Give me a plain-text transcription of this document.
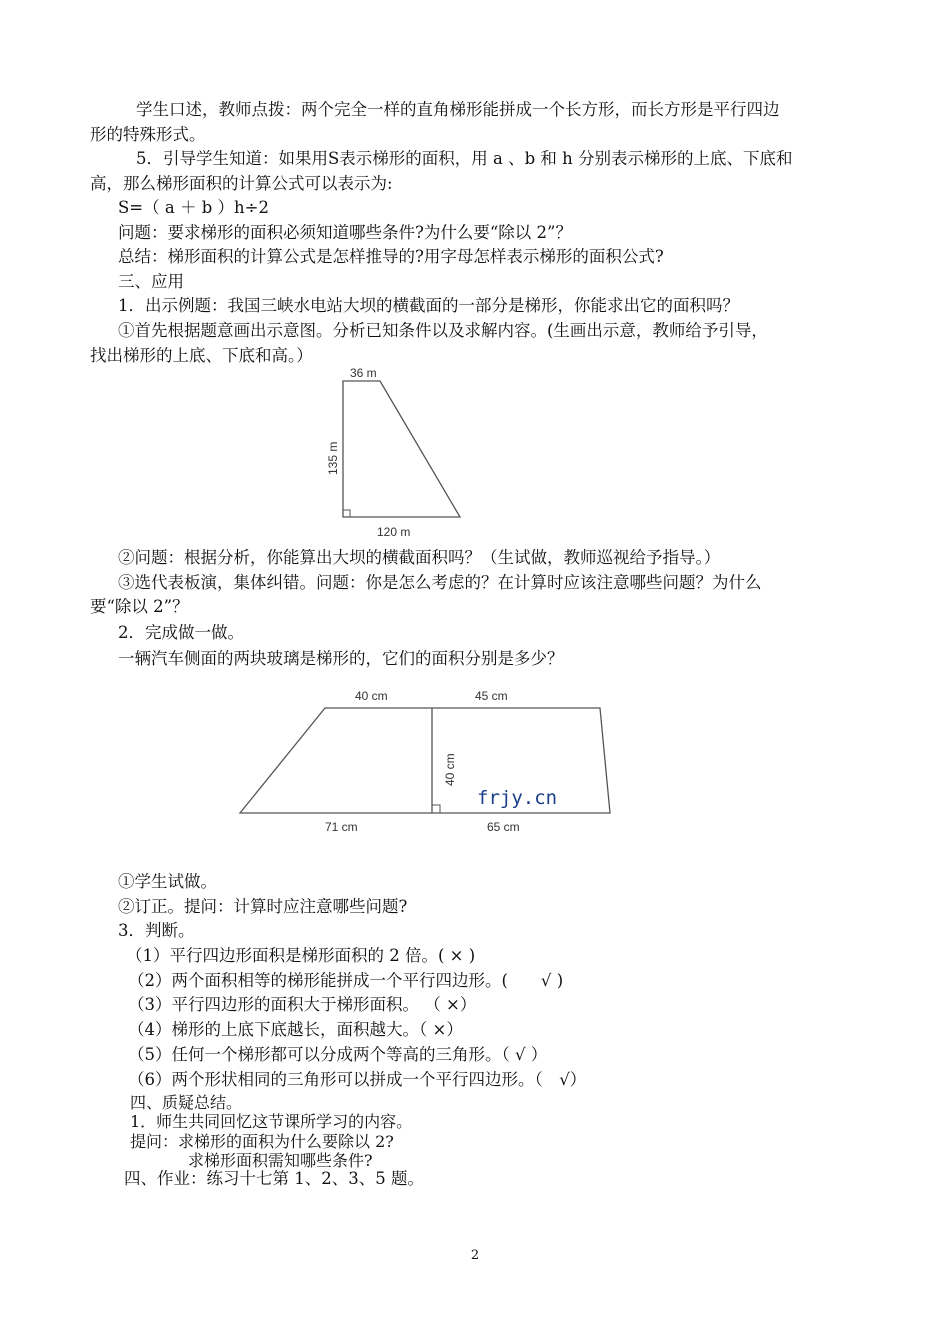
学生口述，教师点拨：两个完全一样的直角梯形能拼成一个长方形，而长方形是平行四边
形的特殊形式。
5．引导学生知道：如果用S表示梯形的面积，用 a 、b 和 h 分别表示梯形的上底、下底和
高，那么梯形面积的计算公式可以表示为:
S=（ a ＋ b ）h÷2
问题：要求梯形的面积必须知道哪些条件?为什么要“除以 2”？
总结：梯形面积的计算公式是怎样推导的?用字母怎样表示梯形的面积公式?
三、应用
1．出示例题：我国三峡水电站大坝的横截面的一部分是梯形，你能求出它的面积吗？
①首先根据题意画出示意图。分析已知条件以及求解内容。(生画出示意，教师给予引导，
找出梯形的上底、下底和高。）
36 m
135 m
120 m
②问题：根据分析，你能算出大坝的横截面积吗？（生试做，教师巡视给予指导。）
③选代表板演，集体纠错。问题：你是怎么考虑的？在计算时应该注意哪些问题？为什么
要“除以 2”？
2．完成做一做。
一辆汽车侧面的两块玻璃是梯形的，它们的面积分别是多少？
40 cm	45 cm
40 cm
frjy.cn
71 cm	65 cm
①学生试做。
②订正。提问：计算时应注意哪些问题?
3．判断。
（1）平行四边形面积是梯形面积的 2 倍。( × )
（2）两个面积相等的梯形能拼成一个平行四边形。(　　√ )
（3）平行四边形的面积大于梯形面积。 （ ×）
（4）梯形的上底下底越长，面积越大。（ ×）
（5）任何一个梯形都可以分成两个等高的三角形。（ √ ）
（6）两个形状相同的三角形可以拼成一个平行四边形。（　√）
四、质疑总结。
1．师生共同回忆这节课所学习的内容。
提问：求梯形的面积为什么要除以 2?
求梯形面积需知哪些条件?
四、作业：练习十七第 1、2、3、5 题。
2
